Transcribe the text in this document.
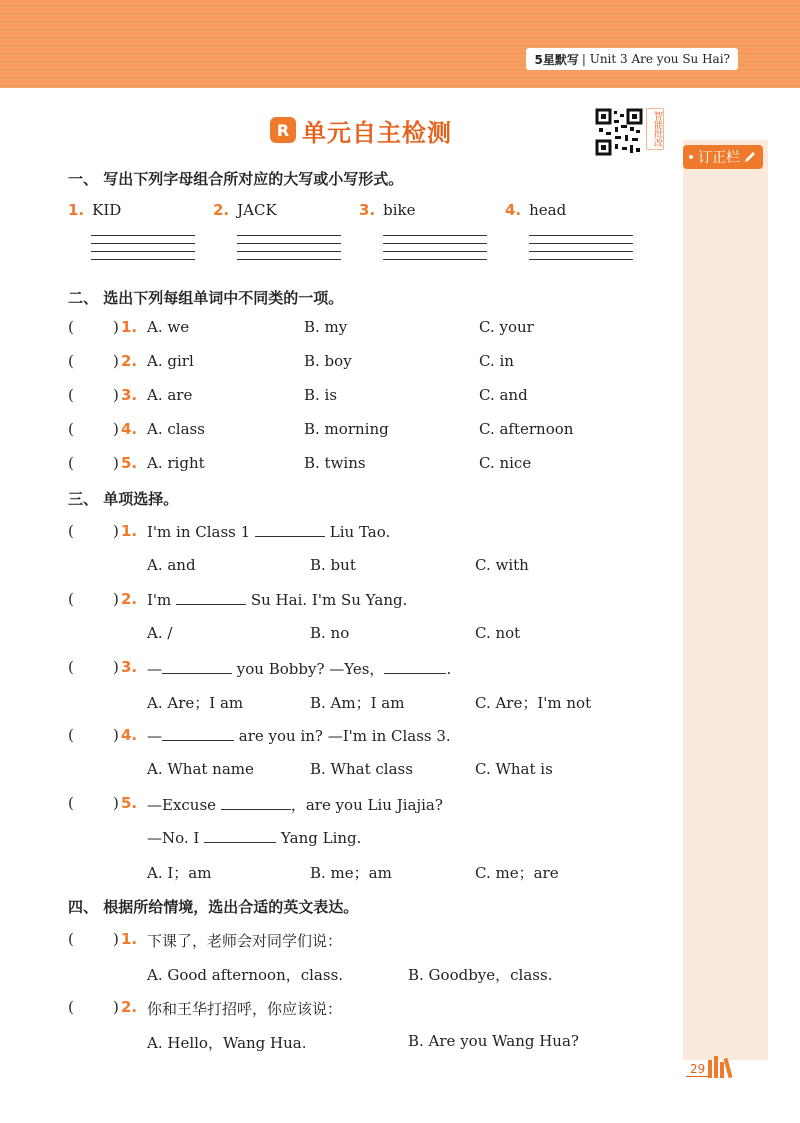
5星默写 | Unit 3 Are you Su Hai?
订正栏
R 单元自主检测	智能批改
一、 写出下列字母组合所对应的大写或小写形式。
1. KID	2. JACK	3. bike	4. head
二、 选出下列每组单词中不同类的一项。
(	) 1. A. we	B. my	C. your
(	) 2. A. girl	B. boy	C. in
(	) 3. A. are	B. is	C. and
(	) 4. A. class	B. morning	C. afternoon
(	) 5. A. right	B. twins	C. nice
三、 单项选择。
(	) 1. I'm in Class 1	Liu Tao.
A. and	B. but	C. with
(	) 2. I'm	Su Hai. I'm Su Yang.
A. /	B. no	C. not
(	) 3. —	you Bobby? —Yes，	.
A. Are；I am	B. Am；I am	C. Are；I'm not
(	) 4. —	are you in? —I'm in Class 3.
A. What name	B. What class	C. What is
(	) 5. —Excuse	，are you Liu Jiajia?
—No. I	Yang Ling.
A. I；am	B. me；am	C. me；are
四、 根据所给情境，选出合适的英文表达。
(	) 1. 下课了，老师会对同学们说：
A. Good afternoon，class.	B. Goodbye，class.
(	) 2. 你和王华打招呼，你应该说：
A. Hello，Wang Hua.	B. Are you Wang Hua?
29
